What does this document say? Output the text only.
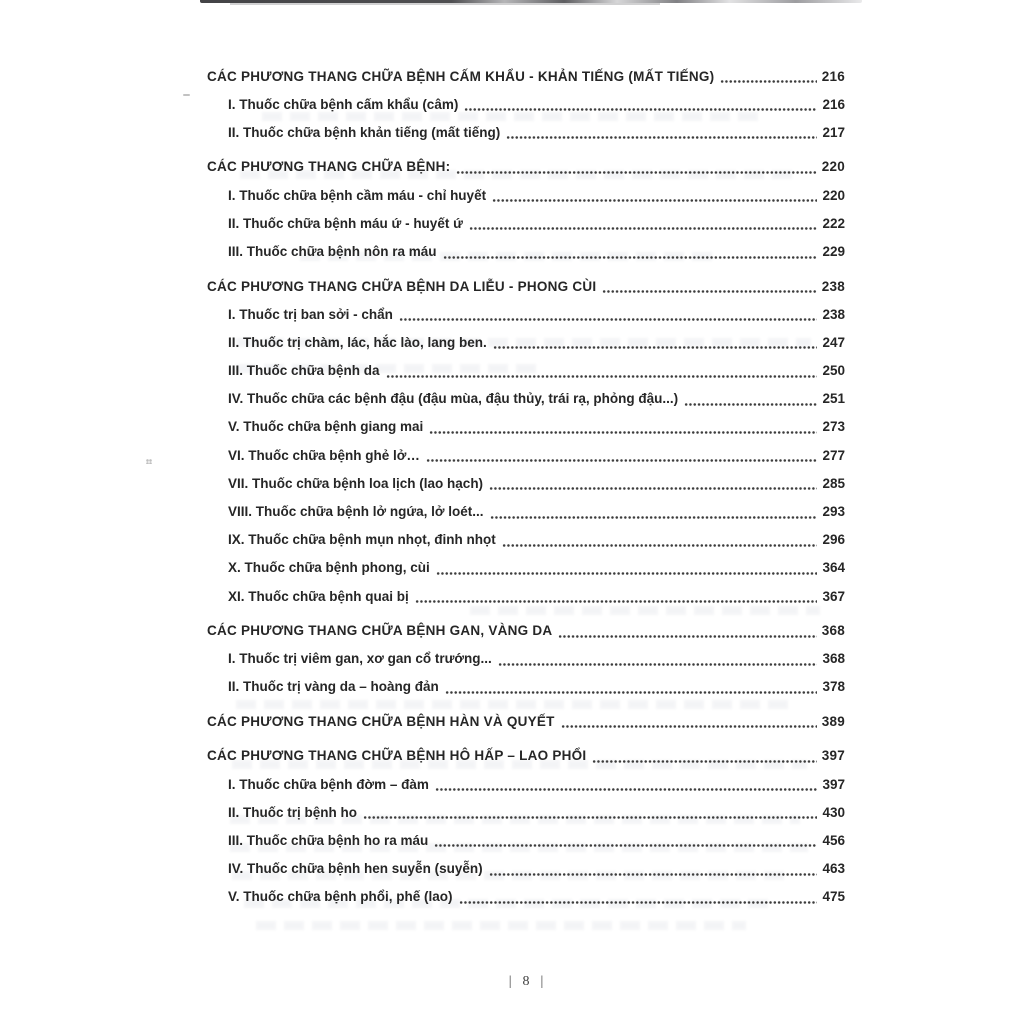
CÁC PHƯƠNG THANG CHỮA BỆNH CẤM KHẨU - KHẢN TIẾNG (MẤT TIẾNG)	216
I. Thuốc chữa bệnh cấm khẩu (câm)	216
II. Thuốc chữa bệnh khản tiếng (mất tiếng)	217
CÁC PHƯƠNG THANG CHỮA BỆNH:	220
I. Thuốc chữa bệnh cầm máu - chỉ huyết	220
II. Thuốc chữa bệnh máu ứ - huyết ứ	222
III. Thuốc chữa bệnh nôn ra máu	229
CÁC PHƯƠNG THANG CHỮA BỆNH DA LIỄU - PHONG CÙI	238
I. Thuốc trị ban sởi - chẩn	238
II. Thuốc trị chàm, lác, hắc lào, lang ben.	247
III. Thuốc chữa bệnh da	250
IV. Thuốc chữa các bệnh đậu (đậu mùa, đậu thủy, trái rạ, phỏng đậu...)	251
V. Thuốc chữa bệnh giang mai	273
VI. Thuốc chữa bệnh ghẻ lở…	277
VII. Thuốc chữa bệnh loa lịch (lao hạch)	285
VIII. Thuốc chữa bệnh lở ngứa, lở loét...	293
IX. Thuốc chữa bệnh mụn nhọt, đinh nhọt	296
X. Thuốc chữa bệnh phong, cùi	364
XI. Thuốc chữa bệnh quai bị	367
CÁC PHƯƠNG THANG CHỮA BỆNH GAN, VÀNG DA	368
I. Thuốc trị viêm gan, xơ gan cổ trướng...	368
II. Thuốc trị vàng da – hoàng đản	378
CÁC PHƯƠNG THANG CHỮA BỆNH HÀN VÀ QUYẾT	389
CÁC PHƯƠNG THANG CHỮA BỆNH HÔ HẤP – LAO PHỔI	397
I. Thuốc chữa bệnh đờm – đàm	397
II. Thuốc trị bệnh ho	430
III. Thuốc chữa bệnh ho ra máu	456
IV. Thuốc chữa bệnh hen suyễn (suyễn)	463
V. Thuốc chữa bệnh phổi, phế (lao)	475
| 8 |
